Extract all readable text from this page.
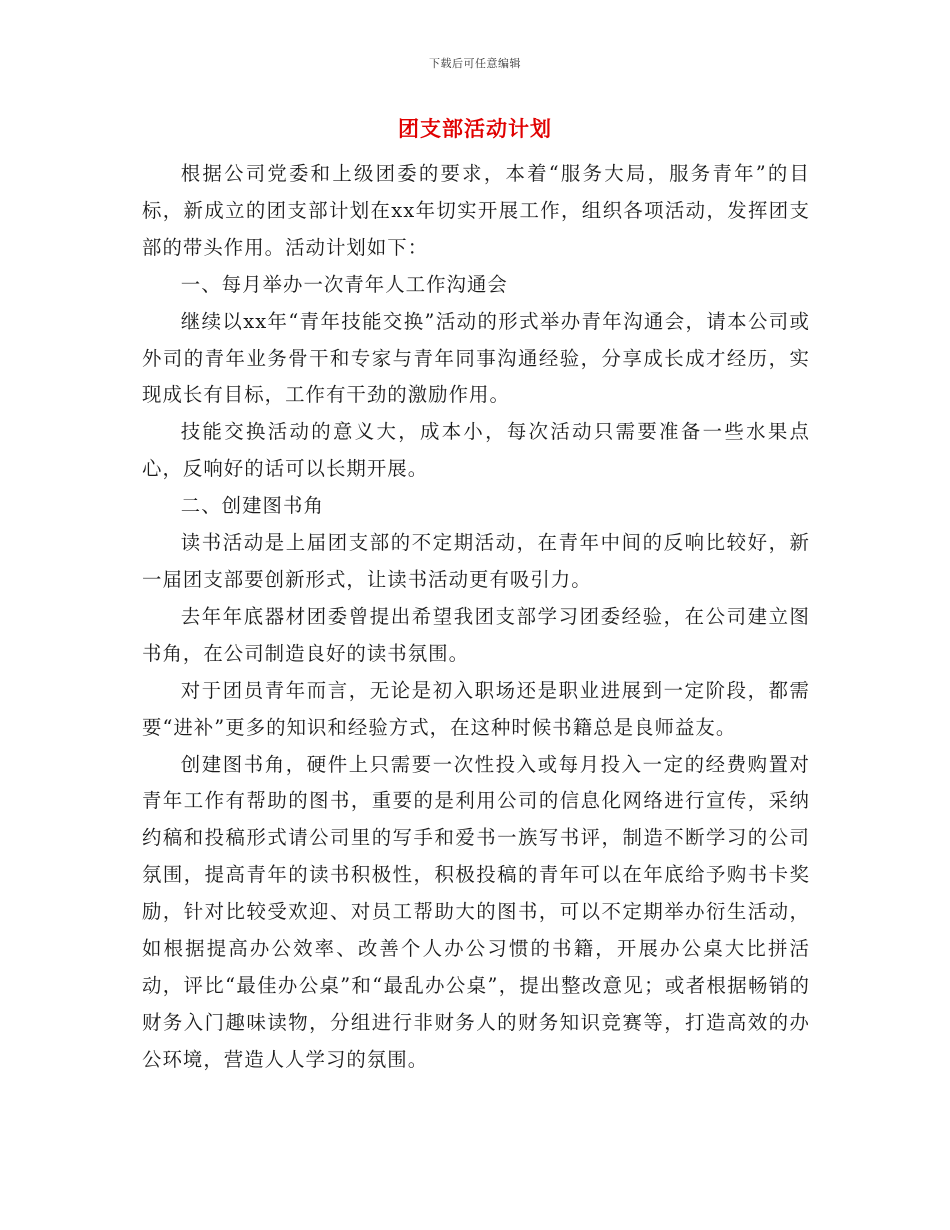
下载后可任意编辑
团支部活动计划

根据公司党委和上级团委的要求，本着“服务大局，服务青年”的目标，新成立的团支部计划在xx年切实开展工作，组织各项活动，发挥团支部的带头作用。活动计划如下：

一、每月举办一次青年人工作沟通会

继续以xx年“青年技能交换”活动的形式举办青年沟通会，请本公司或外司的青年业务骨干和专家与青年同事沟通经验，分享成长成才经历，实现成长有目标，工作有干劲的激励作用。

技能交换活动的意义大，成本小，每次活动只需要准备一些水果点心，反响好的话可以长期开展。

二、创建图书角

读书活动是上届团支部的不定期活动，在青年中间的反响比较好，新一届团支部要创新形式，让读书活动更有吸引力。

去年年底器材团委曾提出希望我团支部学习团委经验，在公司建立图书角，在公司制造良好的读书氛围。

对于团员青年而言，无论是初入职场还是职业进展到一定阶段，都需要“进补”更多的知识和经验方式，在这种时候书籍总是良师益友。

创建图书角，硬件上只需要一次性投入或每月投入一定的经费购置对青年工作有帮助的图书，重要的是利用公司的信息化网络进行宣传，采纳约稿和投稿形式请公司里的写手和爱书一族写书评，制造不断学习的公司氛围，提高青年的读书积极性，积极投稿的青年可以在年底给予购书卡奖励，针对比较受欢迎、对员工帮助大的图书，可以不定期举办衍生活动，如根据提高办公效率、改善个人办公习惯的书籍，开展办公桌大比拼活动，评比“最佳办公桌”和“最乱办公桌”，提出整改意见；或者根据畅销的财务入门趣味读物，分组进行非财务人的财务知识竞赛等，打造高效的办公环境，营造人人学习的氛围。
